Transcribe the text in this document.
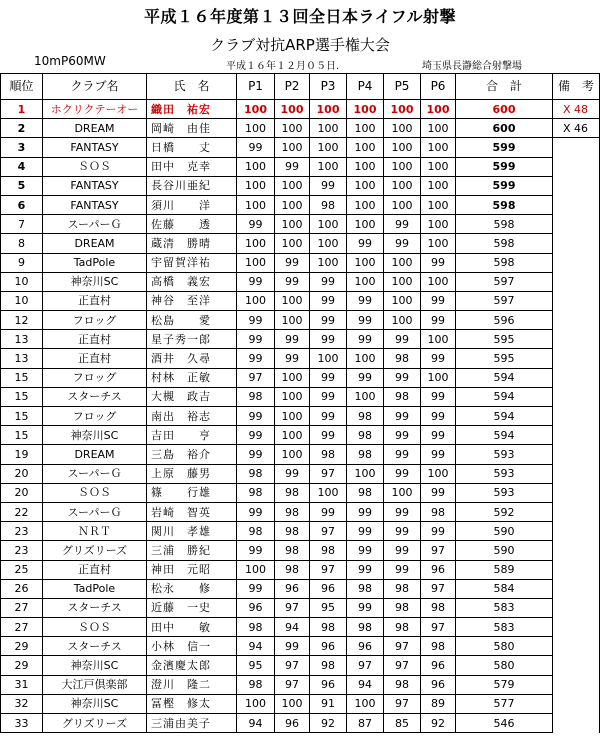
平成１６年度第１３回全日本ライフル射撃
クラブ対抗ARP選手権大会
10mP60MW	平成１６年１２月０５日.	埼玉県長瀞総合射撃場
順位	クラブ名	氏　名	P1	P2	P3	P4	P5	P6	合　計	備　考
1	ホクリクテーオー	織田　祐宏	100	100	100	100	100	100	600	X 48
2	DREAM	岡崎　由佳	100	100	100	100	100	100	600	X 46
3	FANTASY	日橋　　丈	99	100	100	100	100	100	599	
4	ＳＯＳ	田中　克幸	100	99	100	100	100	100	599	
5	FANTASY	長谷川亜紀	100	100	99	100	100	100	599	
6	FANTASY	須川　　洋	100	100	98	100	100	100	598	
7	スーパーＧ	佐藤　　透	99	100	100	100	99	100	598	
8	DREAM	蔵清　勝晴	100	100	100	99	99	100	598	
9	TadPole	宇留賀洋祐	100	99	100	100	100	99	598	
10	神奈川SC	高橋　義宏	99	99	99	100	100	100	597	
10	正直村	神谷　至洋	100	100	99	99	100	99	597	
12	フロッグ	松島　　愛	99	100	99	99	100	99	596	
13	正直村	星子秀一郎	99	99	99	99	99	100	595	
13	正直村	酒井　久尋	99	99	100	100	98	99	595	
15	フロッグ	村林　正敏	97	100	99	99	99	100	594	
15	スターチス	大槻　政吉	98	100	99	100	98	99	594	
15	フロッグ	南出　裕志	99	100	99	98	99	99	594	
15	神奈川SC	吉田　　亨	99	100	99	98	99	99	594	
19	DREAM	三島　裕介	99	100	98	98	99	99	593	
20	スーパーＧ	上原　藤男	98	99	97	100	99	100	593	
20	ＳＯＳ	篠　　行雄	98	98	100	98	100	99	593	
22	スーパーＧ	岩崎　智英	99	98	99	99	99	98	592	
23	ＮＲＴ	関川　孝雄	98	98	97	99	99	99	590	
23	グリズリーズ	三浦　勝紀	99	98	98	99	99	97	590	
25	正直村	神田　元昭	100	98	97	99	99	96	589	
26	TadPole	松永　　修	99	96	96	98	98	97	584	
27	スターチス	近藤　一史	96	97	95	99	98	98	583	
27	ＳＯＳ	田中　　敏	98	94	98	98	98	97	583	
29	スターチス	小林　信一	94	99	96	96	97	98	580	
29	神奈川SC	金濱慶太郎	95	97	98	97	97	96	580	
31	大江戸倶楽部	澄川　隆二	98	97	96	94	98	96	579	
32	神奈川SC	冨樫　修太	100	100	91	100	97	89	577	
33	グリズリーズ	三浦由美子	94	96	92	87	85	92	546	
